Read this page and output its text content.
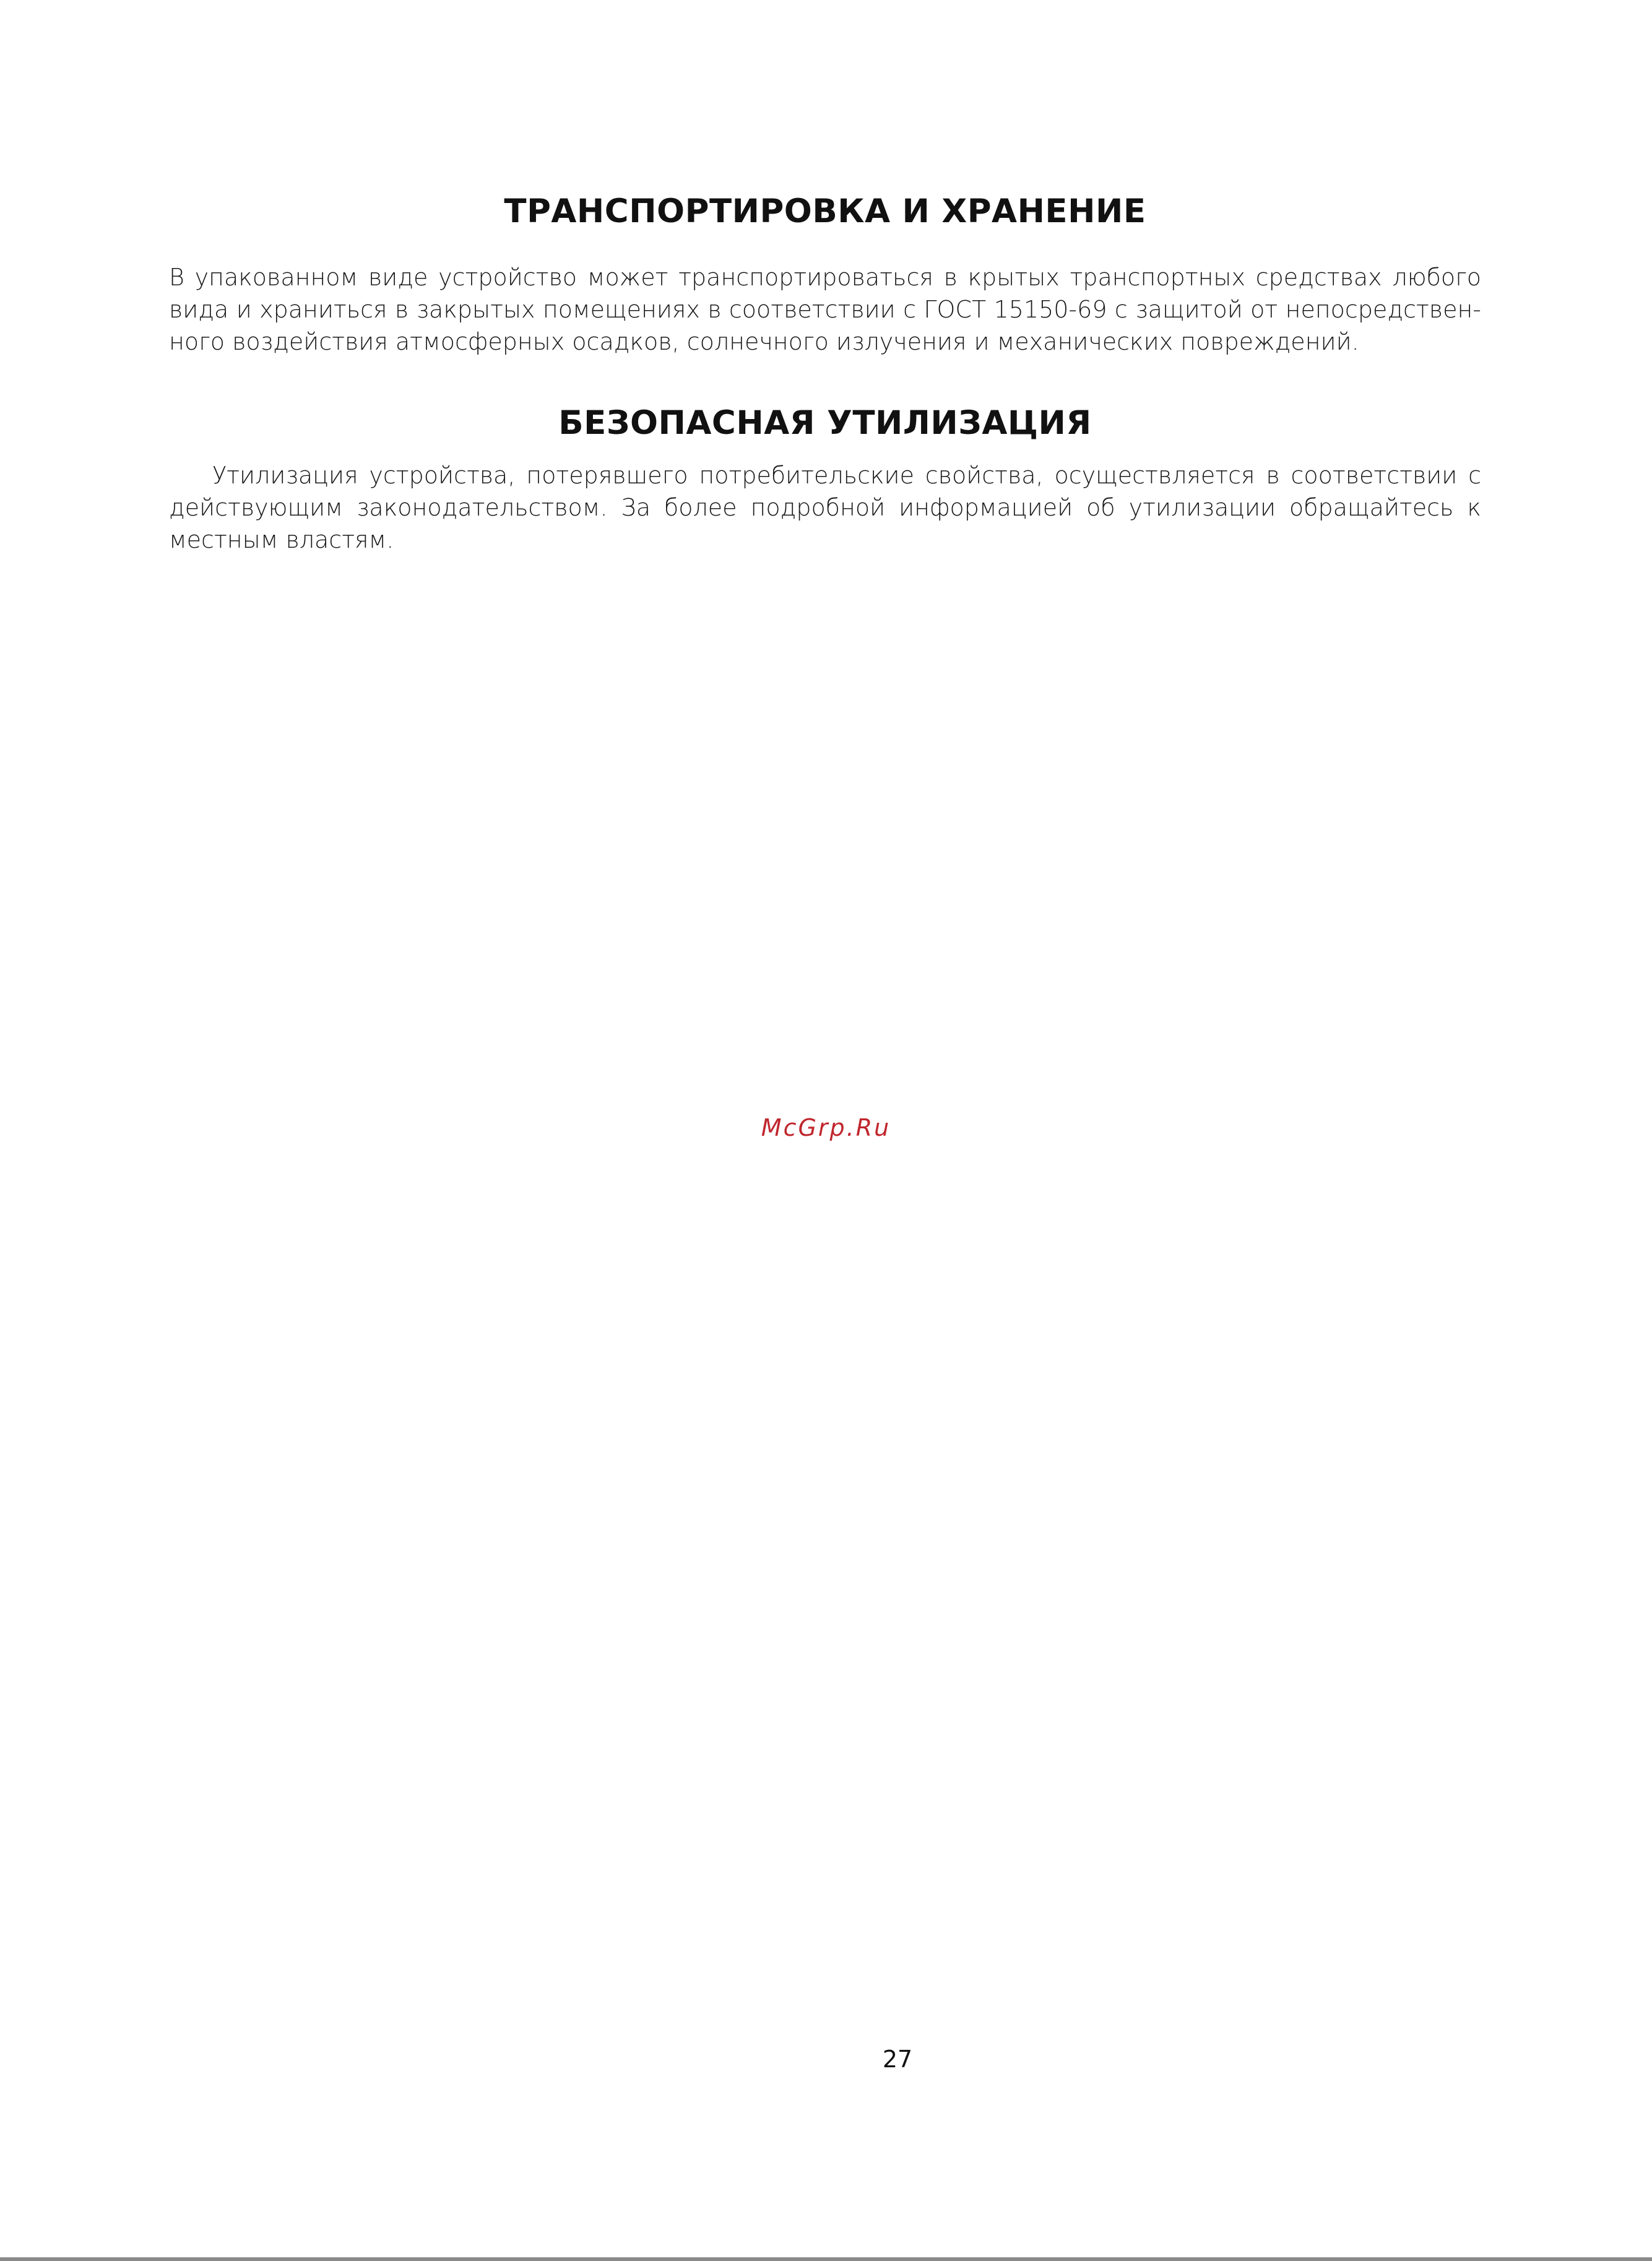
ТРАНСПОРТИРОВКА И ХРАНЕНИЕ

В упакованном виде устройство может транспортироваться в крытых транспортных средствах любого вида и храниться в закрытых помещениях в соответствии с ГОСТ 15150-69 с защитой от непосредствен-ного воздействия атмосферных осадков, солнечного излучения и механических повреждений.

БЕЗОПАСНАЯ УТИЛИЗАЦИЯ

Утилизация устройства, потерявшего потребительские свойства, осуществляется в соответствии с действующим законодательством. За более подробной информацией об утилизации обращайтесь к местным властям.

McGrp.Ru
27
